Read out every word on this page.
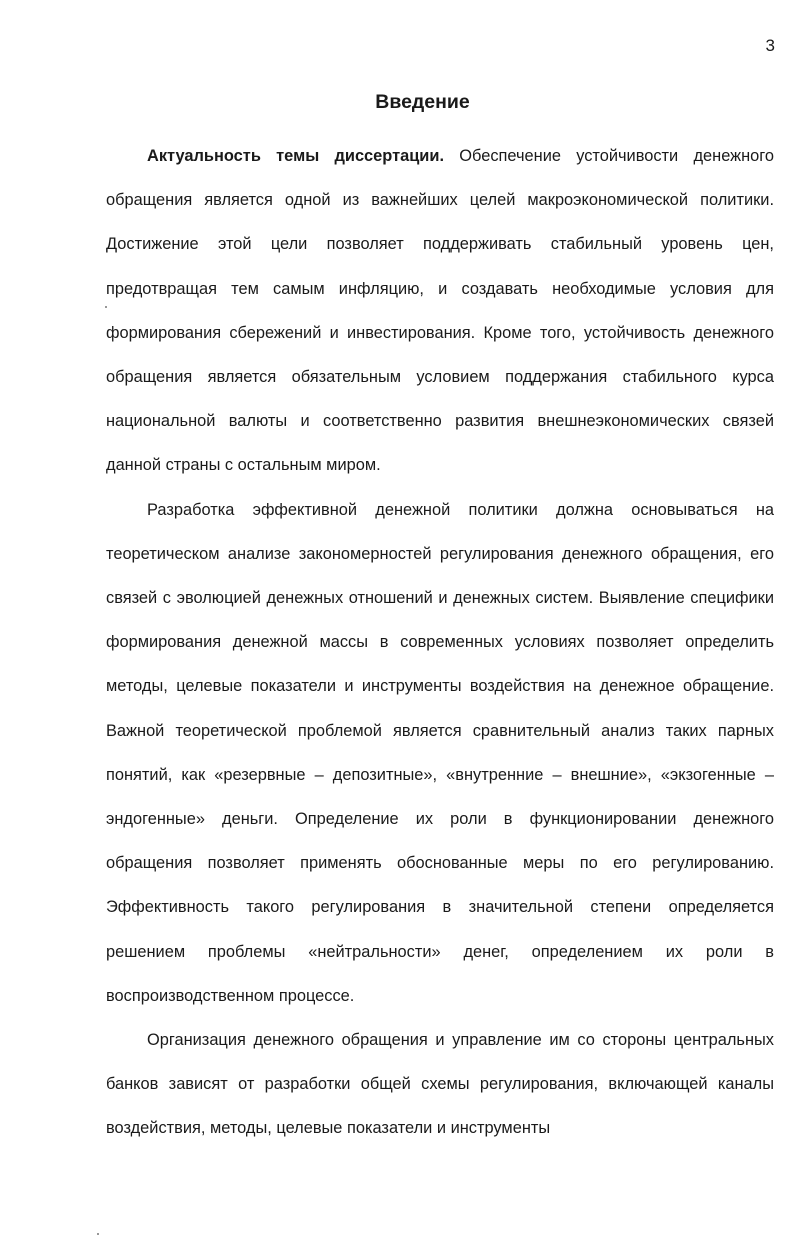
3
Введение

Актуальность темы диссертации. Обеспечение устойчивости денежного обращения является одной из важнейших целей макроэкономической политики. Достижение этой цели позволяет поддерживать стабильный уровень цен, предотвращая тем самым инфляцию, и создавать необходимые условия для формирования сбережений и инвестирования. Кроме того, устойчивость денежного обращения является обязательным условием поддержания стабильного курса национальной валюты и соответственно развития внешнеэкономических связей данной страны с остальным миром.

Разработка эффективной денежной политики должна основываться на теоретическом анализе закономерностей регулирования денежного обращения, его связей с эволюцией денежных отношений и денежных систем. Выявление специфики формирования денежной массы в современных условиях позволяет определить методы, целевые показатели и инструменты воздействия на денежное обращение. Важной теоретической проблемой является сравнительный анализ таких парных понятий, как «резервные – депозитные», «внутренние – внешние», «экзогенные – эндогенные» деньги. Определение их роли в функционировании денежного обращения позволяет применять обоснованные меры по его регулированию. Эффективность такого регулирования в значительной степени определяется решением проблемы «нейтральности» денег, определением их роли в воспроизводственном процессе.

Организация денежного обращения и управление им со стороны центральных банков зависят от разработки общей схемы регулирования, включающей каналы воздействия, методы, целевые показатели и инструменты
